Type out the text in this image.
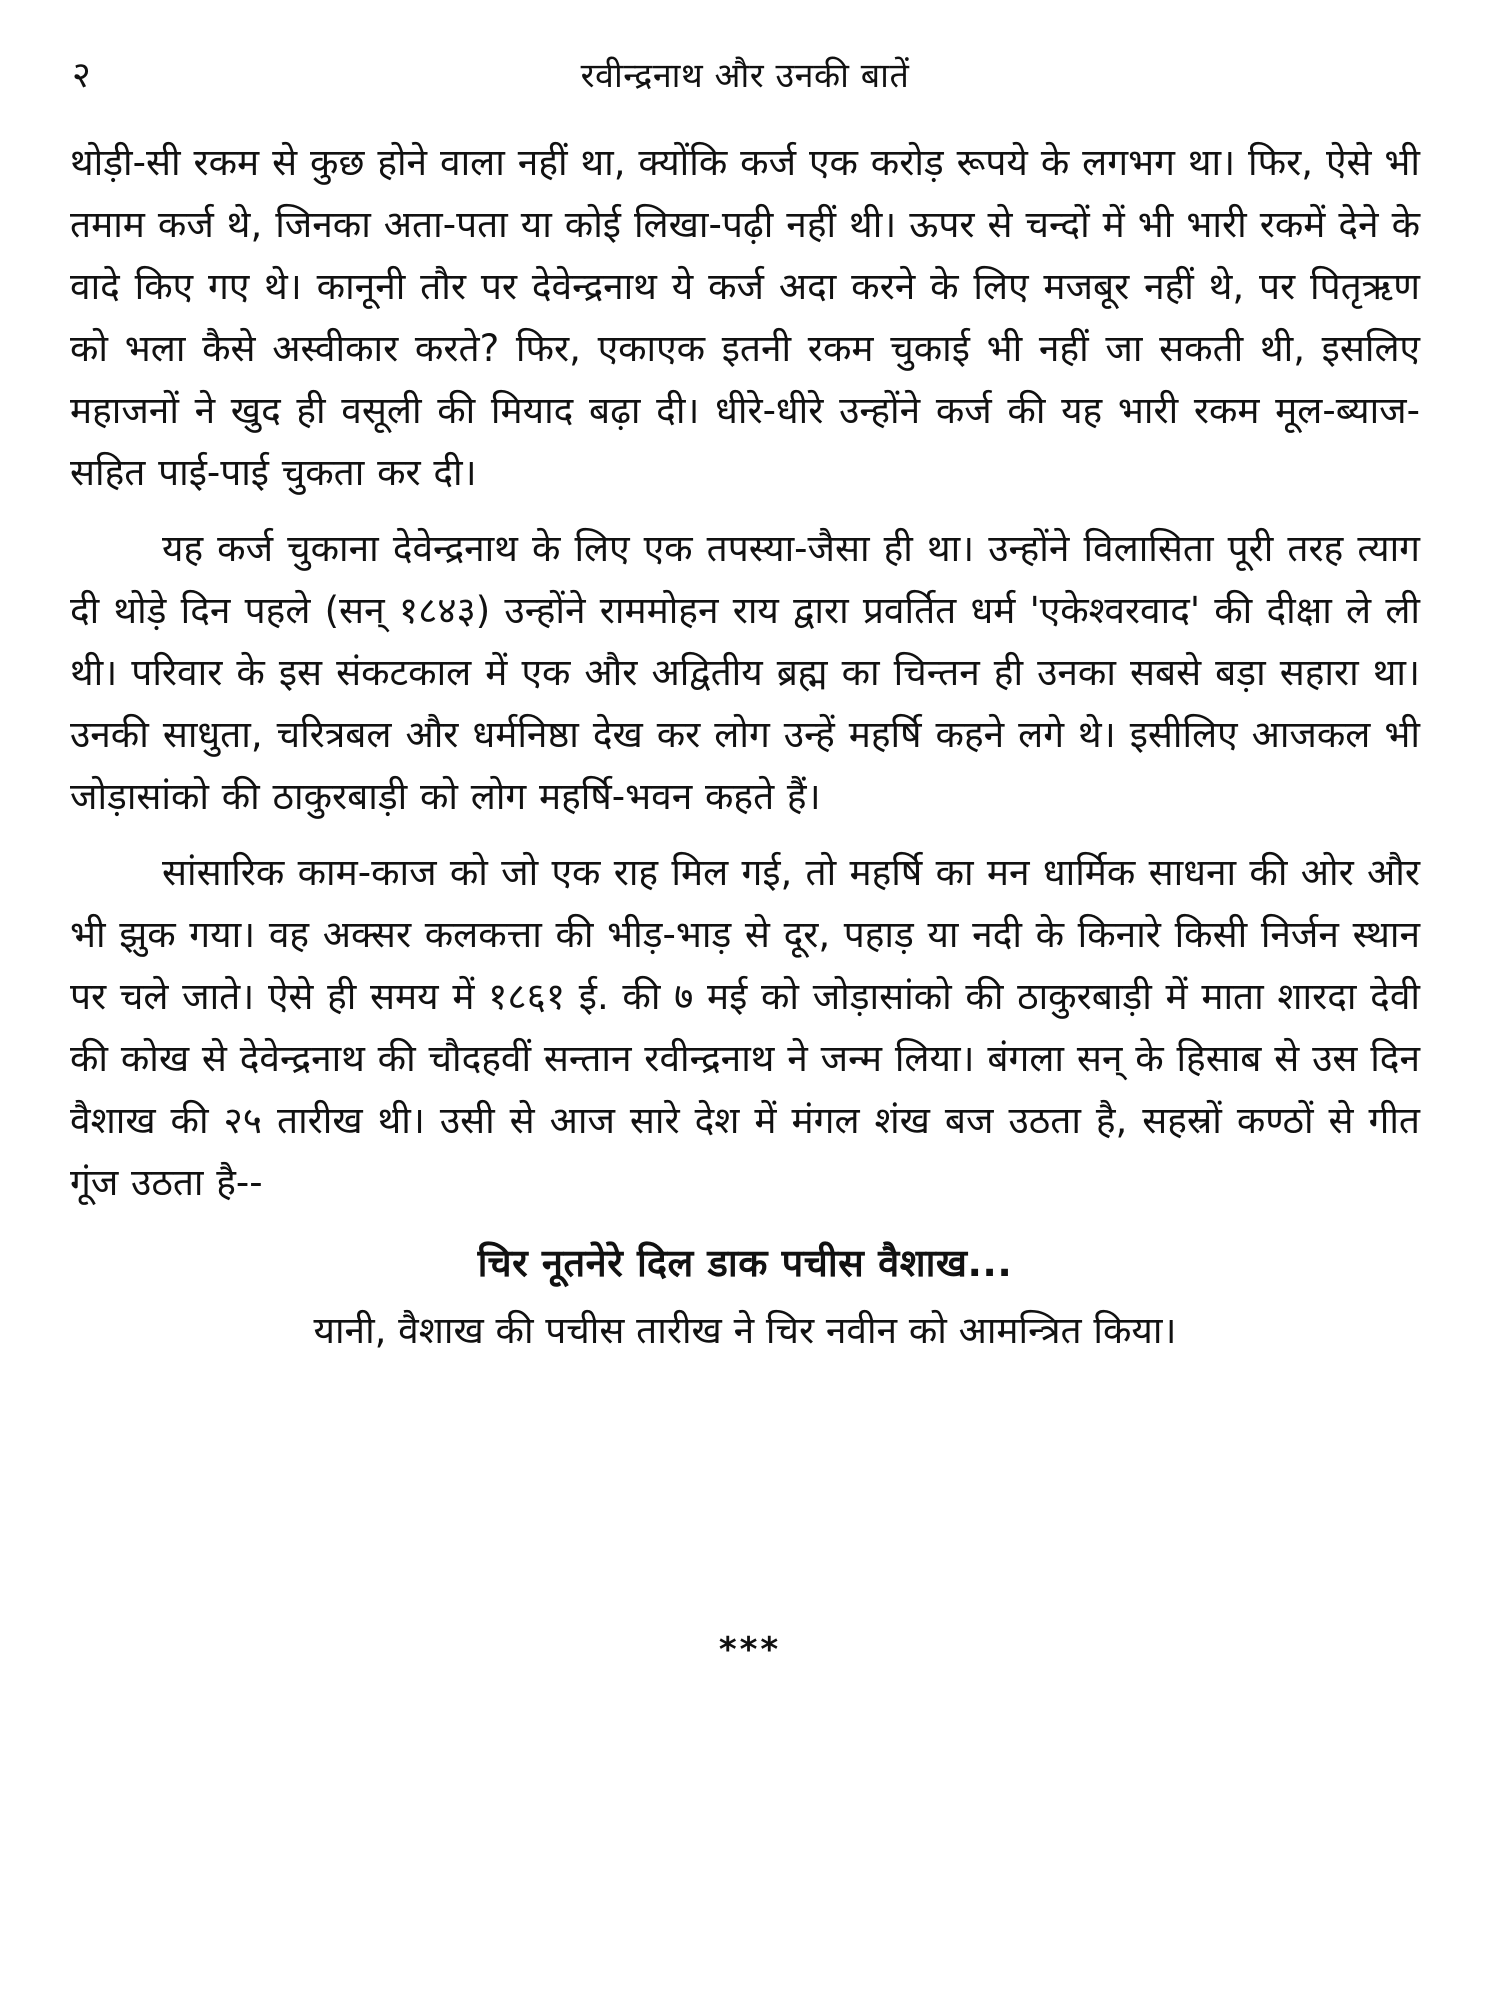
२	रवीन्द्रनाथ और उनकी बातें

थोड़ी-सी रकम से कुछ होने वाला नहीं था, क्योंकि कर्ज एक करोड़ रूपये के लगभग था। फिर, ऐसे भी तमाम कर्ज थे, जिनका अता-पता या कोई लिखा-पढ़ी नहीं थी। ऊपर से चन्दों में भी भारी रकमें देने के वादे किए गए थे। कानूनी तौर पर देवेन्द्रनाथ ये कर्ज अदा करने के लिए मजबूर नहीं थे, पर पितृऋण को भला कैसे अस्वीकार करते? फिर, एकाएक इतनी रकम चुकाई भी नहीं जा सकती थी, इसलिए महाजनों ने खुद ही वसूली की मियाद बढ़ा दी। धीरे-धीरे उन्होंने कर्ज की यह भारी रकम मूल-ब्याज-सहित पाई-पाई चुकता कर दी।

यह कर्ज चुकाना देवेन्द्रनाथ के लिए एक तपस्या-जैसा ही था। उन्होंने विलासिता पूरी तरह त्याग दी थोड़े दिन पहले (सन् १८४३) उन्होंने राममोहन राय द्वारा प्रवर्तित धर्म 'एकेश्वरवाद' की दीक्षा ले ली थी। परिवार के इस संकटकाल में एक और अद्वितीय ब्रह्म का चिन्तन ही उनका सबसे बड़ा सहारा था। उनकी साधुता, चरित्रबल और धर्मनिष्ठा देख कर लोग उन्हें महर्षि कहने लगे थे। इसीलिए आजकल भी जोड़ासांको की ठाकुरबाड़ी को लोग महर्षि-भवन कहते हैं।

सांसारिक काम-काज को जो एक राह मिल गई, तो महर्षि का मन धार्मिक साधना की ओर और भी झुक गया। वह अक्सर कलकत्ता की भीड़-भाड़ से दूर, पहाड़ या नदी के किनारे किसी निर्जन स्थान पर चले जाते। ऐसे ही समय में १८६१ ई. की ७ मई को जोड़ासांको की ठाकुरबाड़ी में माता शारदा देवी की कोख से देवेन्द्रनाथ की चौदहवीं सन्तान रवीन्द्रनाथ ने जन्म लिया। बंगला सन् के हिसाब से उस दिन वैशाख की २५ तारीख थी। उसी से आज सारे देश में मंगल शंख बज उठता है, सहस्रों कण्ठों से गीत गूंज उठता है--

चिर नूतनेरे दिल डाक पचीस वैशाख...
यानी, वैशाख की पचीस तारीख ने चिर नवीन को आमन्त्रित किया।
***
